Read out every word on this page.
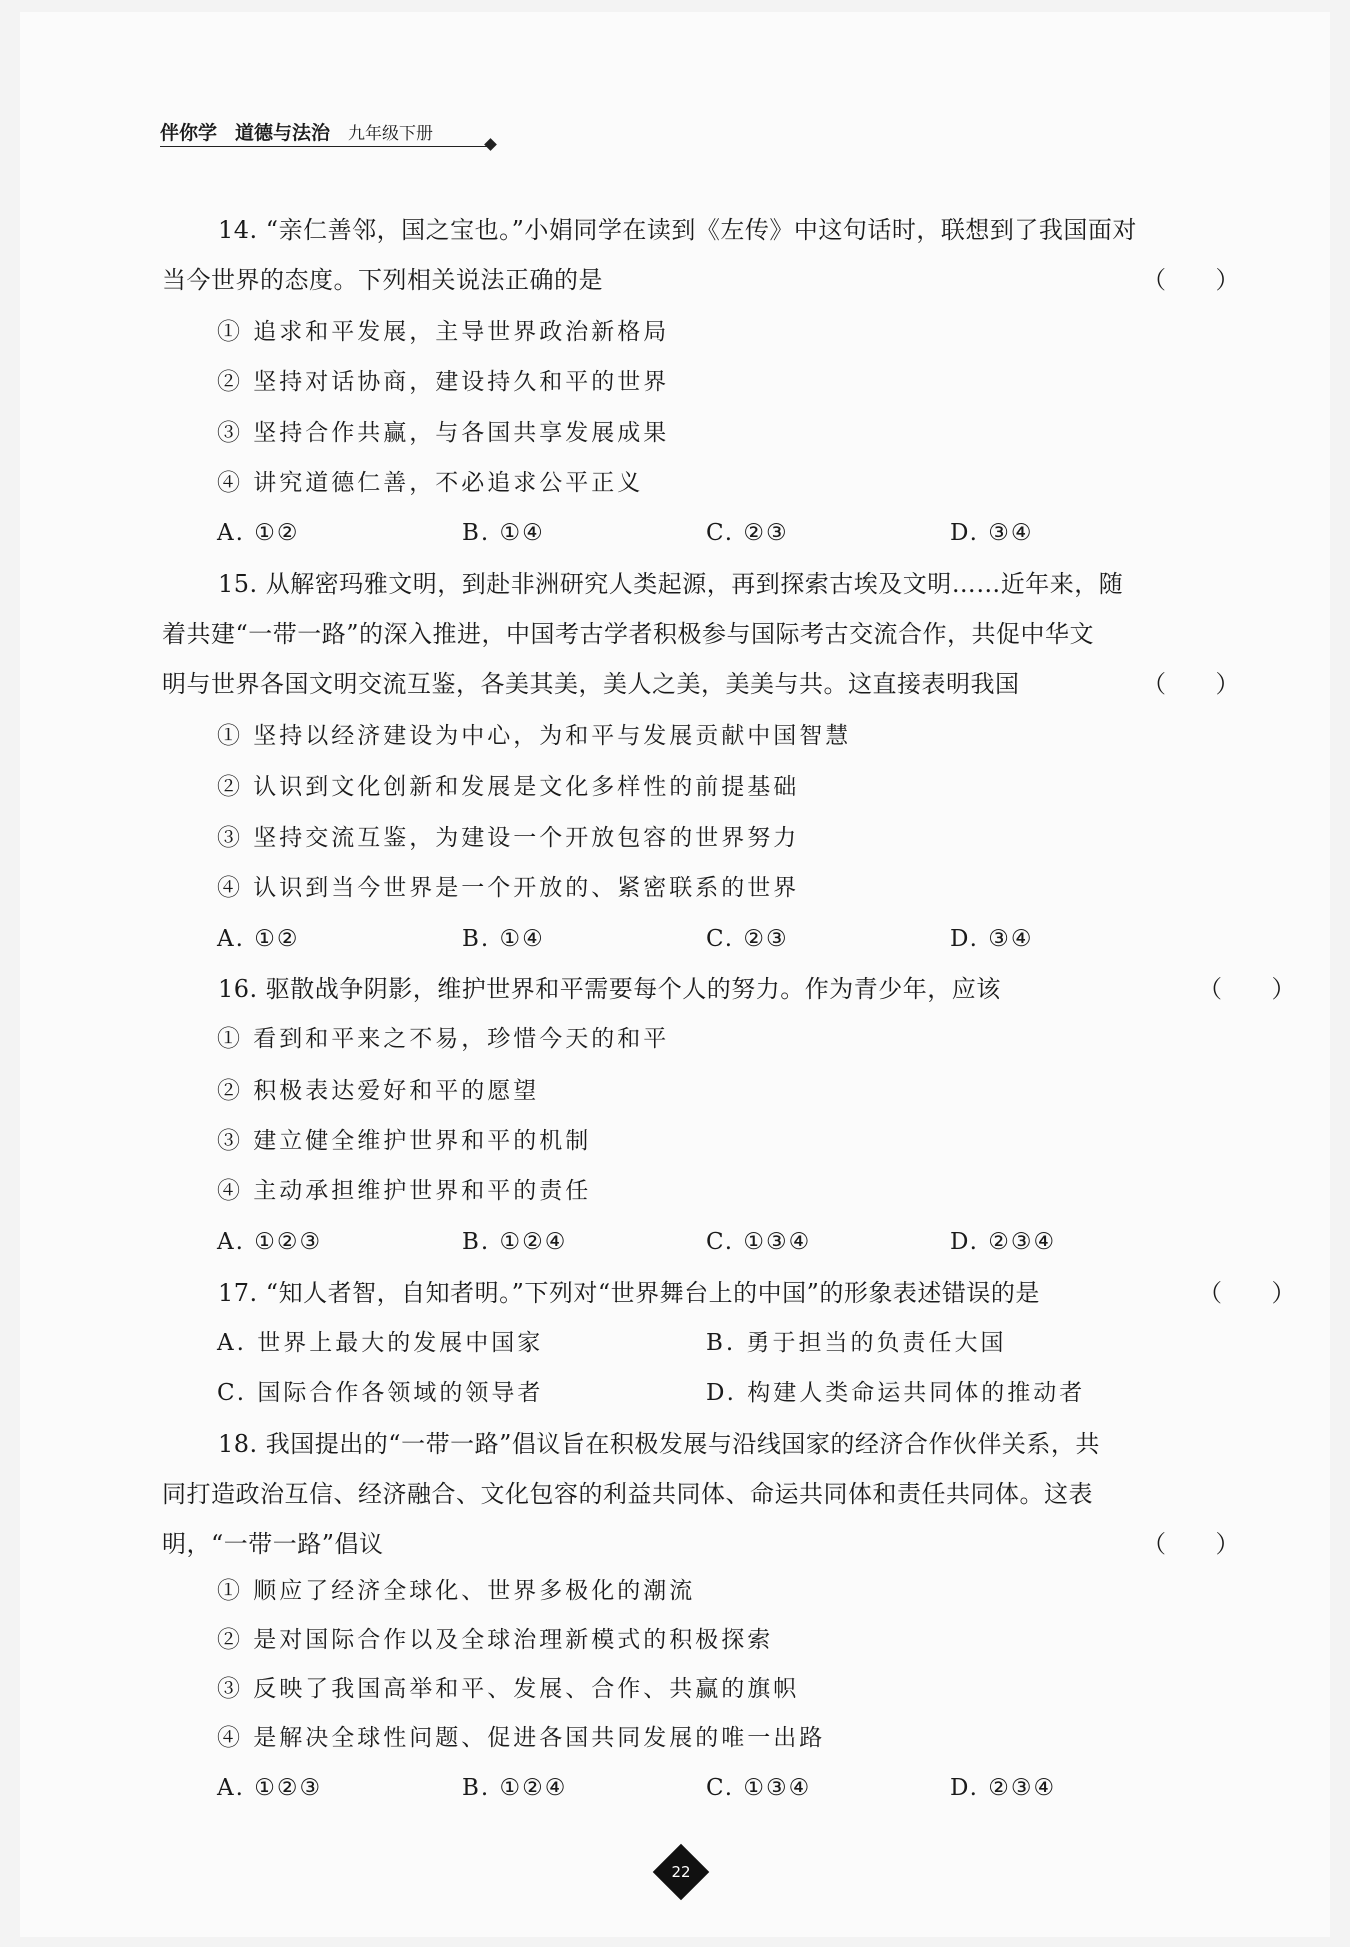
伴你学 道德与法治 九年级下册
14. “亲仁善邻，国之宝也。”小娟同学在读到《左传》中这句话时，联想到了我国面对
（　　）
当今世界的态度。下列相关说法正确的是
① 追求和平发展，主导世界政治新格局
② 坚持对话协商，建设持久和平的世界
③ 坚持合作共赢，与各国共享发展成果
④ 讲究道德仁善，不必追求公平正义
A. ①②	B. ①④	C. ②③	D. ③④
15. 从解密玛雅文明，到赴非洲研究人类起源，再到探索古埃及文明……近年来，随
着共建“一带一路”的深入推进，中国考古学者积极参与国际考古交流合作，共促中华文
（　　）
明与世界各国文明交流互鉴，各美其美，美人之美，美美与共。这直接表明我国
① 坚持以经济建设为中心，为和平与发展贡献中国智慧
② 认识到文化创新和发展是文化多样性的前提基础
③ 坚持交流互鉴，为建设一个开放包容的世界努力
④ 认识到当今世界是一个开放的、紧密联系的世界
A. ①②	B. ①④	C. ②③	D. ③④
（　　）
16. 驱散战争阴影，维护世界和平需要每个人的努力。作为青少年，应该
① 看到和平来之不易，珍惜今天的和平
② 积极表达爱好和平的愿望
③ 建立健全维护世界和平的机制
④ 主动承担维护世界和平的责任
A. ①②③	B. ①②④	C. ①③④	D. ②③④
（　　）
17. “知人者智，自知者明。”下列对“世界舞台上的中国”的形象表述错误的是
A. 世界上最大的发展中国家	B. 勇于担当的负责任大国
C. 国际合作各领域的领导者	D. 构建人类命运共同体的推动者
18. 我国提出的“一带一路”倡议旨在积极发展与沿线国家的经济合作伙伴关系，共
同打造政治互信、经济融合、文化包容的利益共同体、命运共同体和责任共同体。这表
（　　）
明，“一带一路”倡议
① 顺应了经济全球化、世界多极化的潮流
② 是对国际合作以及全球治理新模式的积极探索
③ 反映了我国高举和平、发展、合作、共赢的旗帜
④ 是解决全球性问题、促进各国共同发展的唯一出路
A. ①②③	B. ①②④	C. ①③④	D. ②③④
22
